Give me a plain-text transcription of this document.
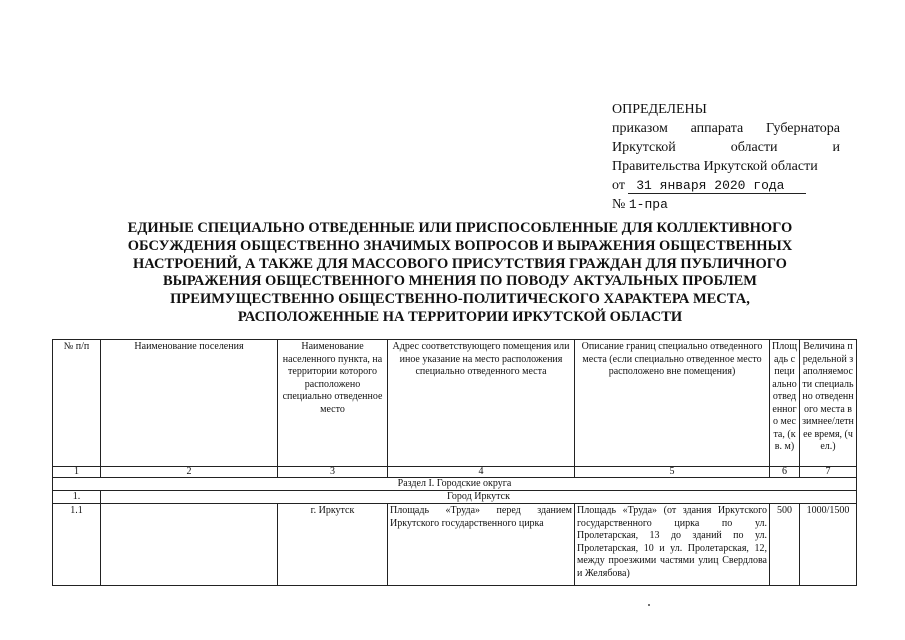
ОПРЕДЕЛЕНЫ
приказом аппарата Губернатора
Иркутской области и
Правительства Иркутской области
от 31 января 2020 года
№ 1-пра
ЕДИНЫЕ СПЕЦИАЛЬНО ОТВЕДЕННЫЕ ИЛИ ПРИСПОСОБЛЕННЫЕ ДЛЯ КОЛЛЕКТИВНОГО
ОБСУЖДЕНИЯ ОБЩЕСТВЕННО ЗНАЧИМЫХ ВОПРОСОВ И ВЫРАЖЕНИЯ ОБЩЕСТВЕННЫХ
НАСТРОЕНИЙ, А ТАКЖЕ ДЛЯ МАССОВОГО ПРИСУТСТВИЯ ГРАЖДАН ДЛЯ ПУБЛИЧНОГО
ВЫРАЖЕНИЯ ОБЩЕСТВЕННОГО МНЕНИЯ ПО ПОВОДУ АКТУАЛЬНЫХ ПРОБЛЕМ
ПРЕИМУЩЕСТВЕННО ОБЩЕСТВЕННО-ПОЛИТИЧЕСКОГО ХАРАКТЕРА МЕСТА,
РАСПОЛОЖЕННЫЕ НА ТЕРРИТОРИИ ИРКУТСКОЙ ОБЛАСТИ
№ п/п	Наименование поселения	Наименование населенного пункта, на территории которого расположено специально отведенное место	Адрес соответствующего помещения или иное указание на место расположения специально отведенного места	Описание границ специально отведенного места (если специально отведенное место расположено вне помещения)	Площадь специально отведенного места, (кв. м)	Величина предельной заполняемости специально отведенного места в зимнее/летнее время, (чел.)
1	2	3	4	5	6	7
Раздел I. Городские округа						
1.	Город Иркутск					
1.1		г. Иркутск	Площадь «Труда» перед зданием Иркутского государственного цирка	Площадь «Труда» (от здания Иркутского государственного цирка по ул. Пролетарская, 13 до зданий по ул. Пролетарская, 10 и ул. Пролетарская, 12, между проезжими частями улиц Свердлова и Желябова)	500	1000/1500
